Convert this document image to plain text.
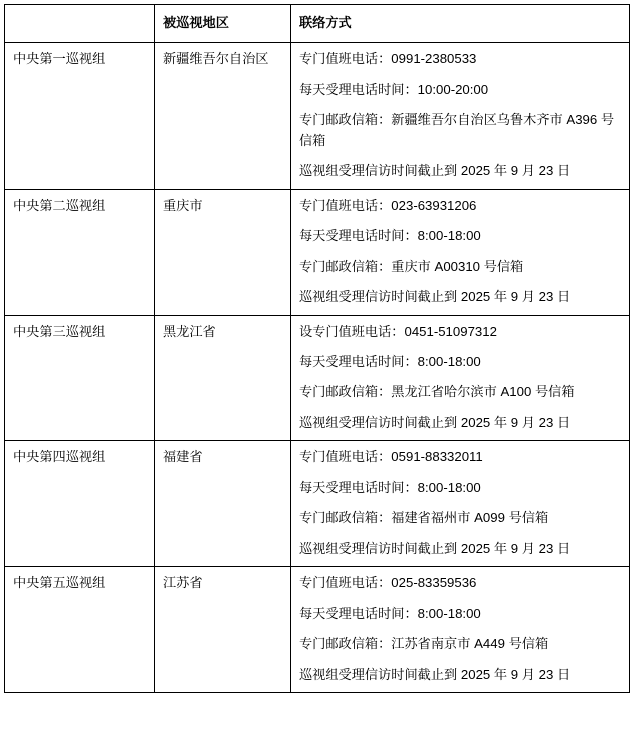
	被巡视地区	联络方式
中央第一巡视组	新疆维吾尔自治区	专门值班电话：0991-2380533
每天受理电话时间：10:00-20:00
专门邮政信箱：新疆维吾尔自治区乌鲁木齐市 A396 号信箱
巡视组受理信访时间截止到 2025 年 9 月 23 日

中央第二巡视组	重庆市	专门值班电话：023-63931206
每天受理电话时间：8:00-18:00
专门邮政信箱：重庆市 A00310 号信箱
巡视组受理信访时间截止到 2025 年 9 月 23 日

中央第三巡视组	黑龙江省	设专门值班电话：0451-51097312
每天受理电话时间：8:00-18:00
专门邮政信箱：黑龙江省哈尔滨市 A100 号信箱
巡视组受理信访时间截止到 2025 年 9 月 23 日

中央第四巡视组	福建省	专门值班电话：0591-88332011
每天受理电话时间：8:00-18:00
专门邮政信箱：福建省福州市 A099 号信箱
巡视组受理信访时间截止到 2025 年 9 月 23 日

中央第五巡视组	江苏省	专门值班电话：025-83359536
每天受理电话时间：8:00-18:00
专门邮政信箱：江苏省南京市 A449 号信箱
巡视组受理信访时间截止到 2025 年 9 月 23 日
